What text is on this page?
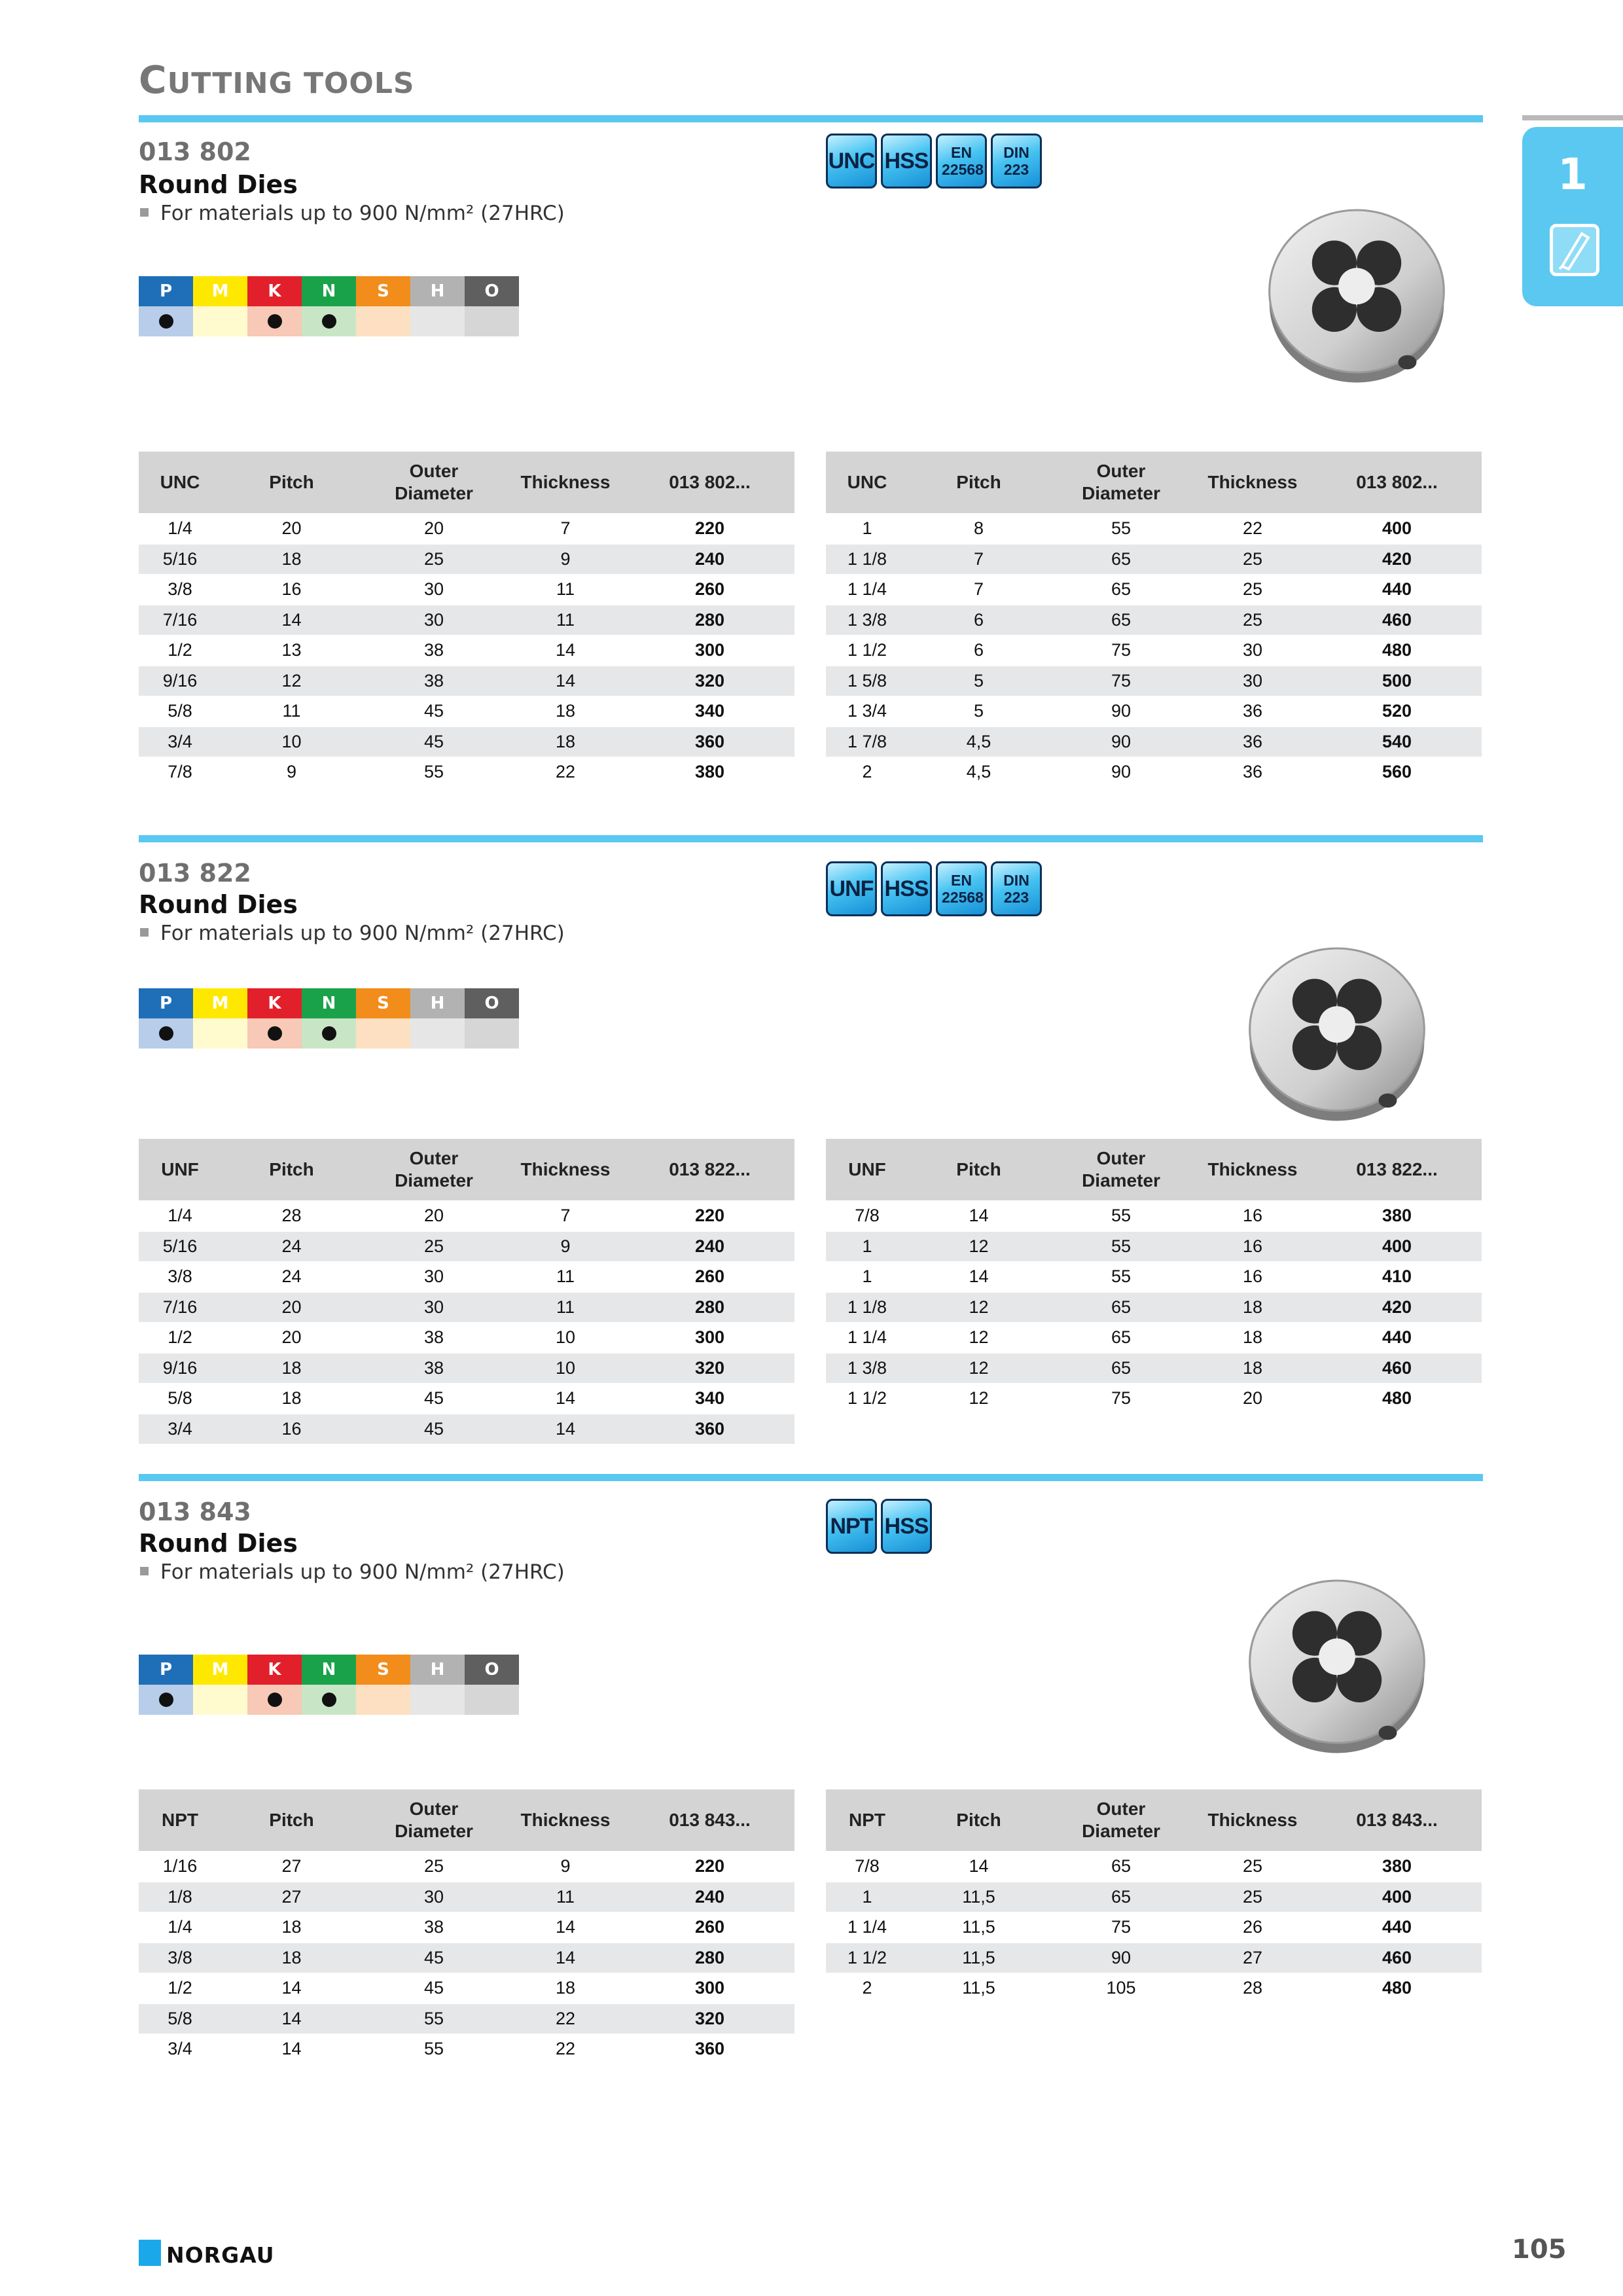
CUTTING TOOLS
1
013 802
Round Dies
For materials up to 900 N/mm² (27HRC)
P	M	K	N	S	H	O
UNC HSS	EN 22568
DIN 223
UNC	Pitch	Outer Diameter	Thickness	013 802...
1/4	20	20	7	220
5/16	18	25	9	240
3/8	16	30	11	260
7/16	14	30	11	280
1/2	13	38	14	300
9/16	12	38	14	320
5/8	11	45	18	340
3/4	10	45	18	360
7/8	9	55	22	380
UNC	Pitch	Outer Diameter	Thickness	013 802...
1	8	55	22	400
1 1/8	7	65	25	420
1 1/4	7	65	25	440
1 3/8	6	65	25	460
1 1/2	6	75	30	480
1 5/8	5	75	30	500
1 3/4	5	90	36	520
1 7/8	4,5	90	36	540
2	4,5	90	36	560
013 822
Round Dies
For materials up to 900 N/mm² (27HRC)
P	M	K	N	S	H	O
UNF HSS	EN 22568
DIN 223
UNF	Pitch	Outer Diameter	Thickness	013 822...
1/4	28	20	7	220
5/16	24	25	9	240
3/8	24	30	11	260
7/16	20	30	11	280
1/2	20	38	10	300
9/16	18	38	10	320
5/8	18	45	14	340
3/4	16	45	14	360
UNF	Pitch	Outer Diameter	Thickness	013 822...
7/8	14	55	16	380
1	12	55	16	400
1	14	55	16	410
1 1/8	12	65	18	420
1 1/4	12	65	18	440
1 3/8	12	65	18	460
1 1/2	12	75	20	480
013 843
Round Dies
For materials up to 900 N/mm² (27HRC)
P	M	K	N	S	H	O
NPT HSS
NPT	Pitch	Outer Diameter	Thickness	013 843...
1/16	27	25	9	220
1/8	27	30	11	240
1/4	18	38	14	260
3/8	18	45	14	280
1/2	14	45	18	300
5/8	14	55	22	320
3/4	14	55	22	360
NPT	Pitch	Outer Diameter	Thickness	013 843...
7/8	14	65	25	380
1	11,5	65	25	400
1 1/4	11,5	75	26	440
1 1/2	11,5	90	27	460
2	11,5	105	28	480
NORGAU	105
